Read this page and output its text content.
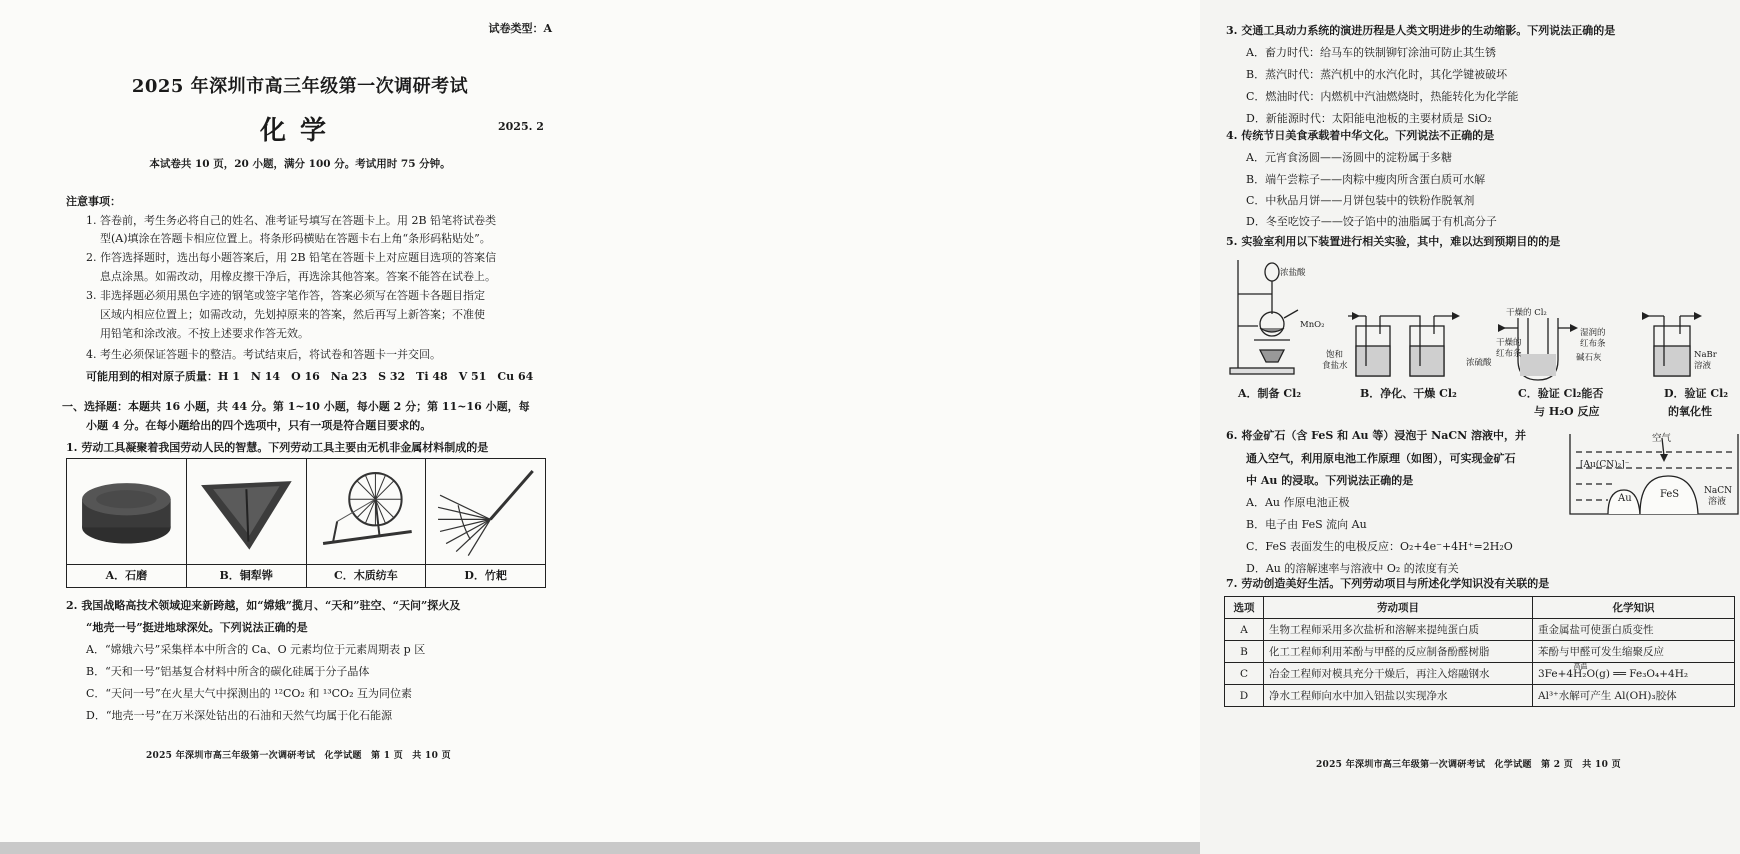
试卷类型：A
2025 年深圳市高三年级第一次调研考试
化学	2025. 2
本试卷共 10 页，20 小题，满分 100 分。考试用时 75 分钟。
注意事项：
1. 答卷前，考生务必将自己的姓名、准考证号填写在答题卡上。用 2B 铅笔将试卷类
型(A)填涂在答题卡相应位置上。将条形码横贴在答题卡右上角“条形码粘贴处”。
2. 作答选择题时，选出每小题答案后，用 2B 铅笔在答题卡上对应题目选项的答案信
息点涂黑。如需改动，用橡皮擦干净后，再选涂其他答案。答案不能答在试卷上。
3. 非选择题必须用黑色字迹的钢笔或签字笔作答，答案必须写在答题卡各题目指定
区域内相应位置上；如需改动，先划掉原来的答案，然后再写上新答案；不准使
用铅笔和涂改液。不按上述要求作答无效。
4. 考生必须保证答题卡的整洁。考试结束后，将试卷和答题卡一并交回。
可能用到的相对原子质量：H 1　N 14　O 16　Na 23　S 32　Ti 48　V 51　Cu 64
一、选择题：本题共 16 小题，共 44 分。第 1~10 小题，每小题 2 分；第 11~16 小题，每
小题 4 分。在每小题给出的四个选项中，只有一项是符合题目要求的。
1. 劳动工具凝聚着我国劳动人民的智慧。下列劳动工具主要由无机非金属材料制成的是
A．石磨	B．铜犁铧	C．木质纺车	D．竹耙
2. 我国战略高技术领域迎来新跨越，如“嫦娥”揽月、“天和”驻空、“天问”探火及
“地壳一号”挺进地球深处。下列说法正确的是
A．“嫦娥六号”采集样本中所含的 Ca、O 元素均位于元素周期表 p 区
B．“天和一号”铝基复合材料中所含的碳化硅属于分子晶体
C．“天问一号”在火星大气中探测出的 ¹²CO₂ 和 ¹³CO₂ 互为同位素
D．“地壳一号”在万米深处钻出的石油和天然气均属于化石能源
2025 年深圳市高三年级第一次调研考试　化学试题　第 1 页　共 10 页
3. 交通工具动力系统的演进历程是人类文明进步的生动缩影。下列说法正确的是
A．畜力时代：给马车的铁制铆钉涂油可防止其生锈
B．蒸汽时代：蒸汽机中的水汽化时，其化学键被破坏
C．燃油时代：内燃机中汽油燃烧时，热能转化为化学能
D．新能源时代：太阳能电池板的主要材质是 SiO₂
4. 传统节日美食承载着中华文化。下列说法不正确的是
A．元宵食汤圆——汤圆中的淀粉属于多糖
B．端午尝粽子——肉粽中瘦肉所含蛋白质可水解
C．中秋品月饼——月饼包装中的铁粉作脱氧剂
D．冬至吃饺子——饺子馅中的油脂属于有机高分子
5. 实验室利用以下装置进行相关实验，其中，难以达到预期目的的是
浓盐酸
MnO₂
饱和
食盐水	浓硫酸
干燥的 Cl₂
干燥的
红布条
湿润的
红布条
碱石灰	NaBr
溶液
A．制备 Cl₂	B．净化、干燥 Cl₂	C．验证 Cl₂能否
与 H₂O 反应
D．验证 Cl₂
的氧化性
6. 将金矿石（含 FeS 和 Au 等）浸泡于 NaCN 溶液中，并
通入空气，利用原电池工作原理（如图），可实现金矿石
中 Au 的浸取。下列说法正确的是
A．Au 作原电池正极
B．电子由 FeS 流向 Au
C．FeS 表面发生的电极反应：O₂+4e⁻+4H⁺=2H₂O
D．Au 的溶解速率与溶液中 O₂ 的浓度有关
空气
[Au(CN)₂]⁻
Au	FeS	NaCN
溶液
7. 劳动创造美好生活。下列劳动项目与所述化学知识没有关联的是
选项	劳动项目	化学知识
A	生物工程师采用多次盐析和溶解来提纯蛋白质	重金属盐可使蛋白质变性
B	化工工程师利用苯酚与甲醛的反应制备酚醛树脂	苯酚与甲醛可发生缩聚反应
C	冶金工程师对模具充分干燥后，再注入熔融钢水	3Fe+4H₂O(g) ══ Fe₃O₄+4H₂ $^{高温}$
D	净水工程师向水中加入铝盐以实现净水	Al³⁺水解可产生 Al(OH)₃胶体
2025 年深圳市高三年级第一次调研考试　化学试题　第 2 页　共 10 页
